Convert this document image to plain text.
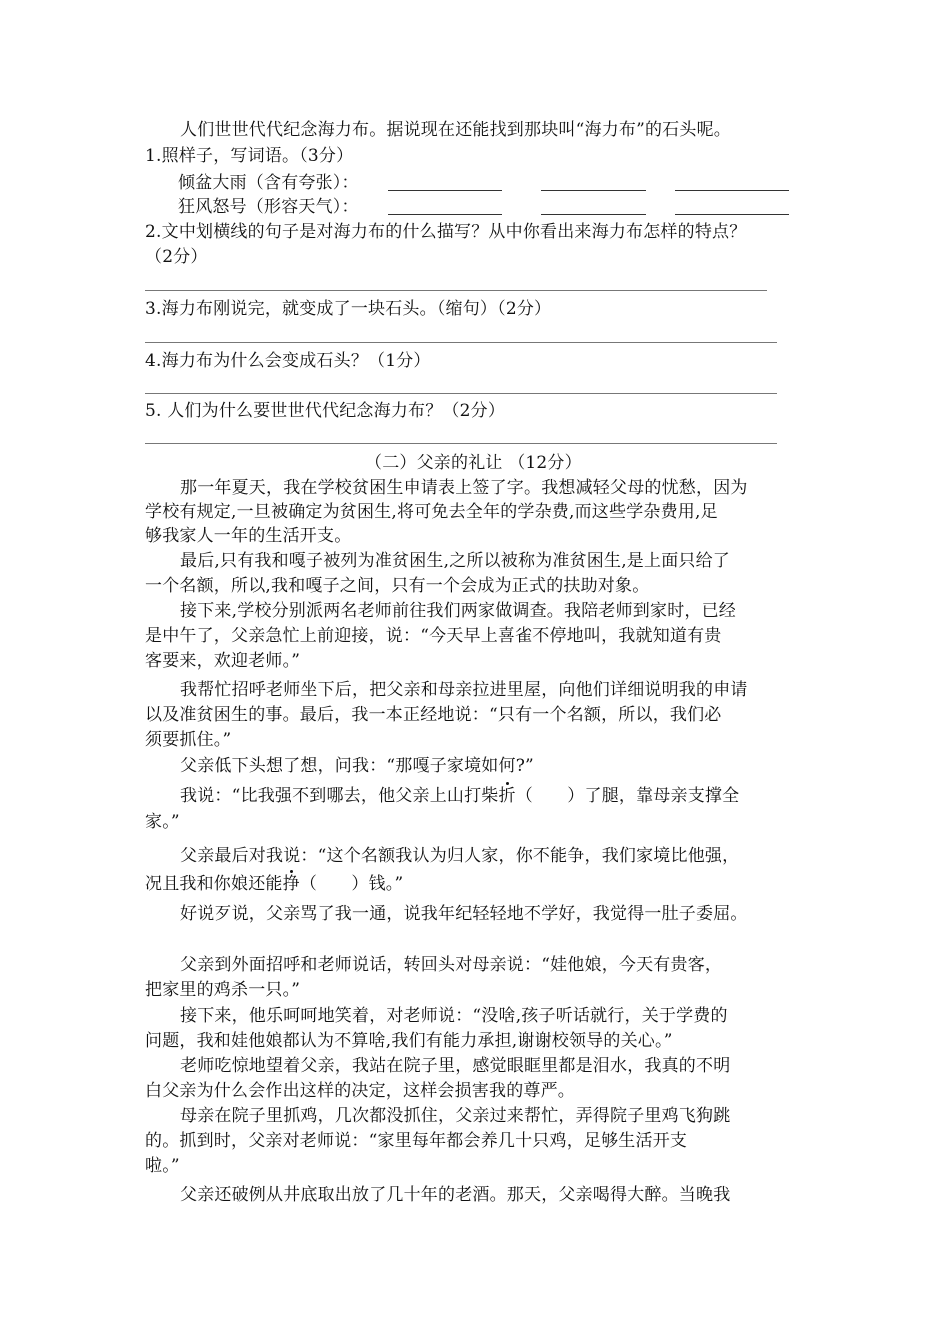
人们世世代代纪念海力布。据说现在还能找到那块叫“海力布”的石头呢。
1.照样子，写词语。（3分）
倾盆大雨（含有夸张）：
狂风怒号（形容天气）：
2.文中划横线的句子是对海力布的什么描写？从中你看出来海力布怎样的特点？
（2分）
3.海力布刚说完，就变成了一块石头。（缩句）（2分）
4.海力布为什么会变成石头？（1分）
5. 人们为什么要世世代代纪念海力布？（2分）
（二）父亲的礼让 （12分）
那一年夏天，我在学校贫困生申请表上签了字。我想减轻父母的忧愁，因为
学校有规定,一旦被确定为贫困生,将可免去全年的学杂费,而这些学杂费用,足
够我家人一年的生活开支。
最后,只有我和嘎子被列为准贫困生,之所以被称为准贫困生,是上面只给了
一个名额，所以,我和嘎子之间，只有一个会成为正式的扶助对象。
接下来,学校分别派两名老师前往我们两家做调查。我陪老师到家时，已经
是中午了，父亲急忙上前迎接，说：“今天早上喜雀不停地叫，我就知道有贵
客要来，欢迎老师。”
我帮忙招呼老师坐下后，把父亲和母亲拉进里屋，向他们详细说明我的申请
以及准贫困生的事。最后，我一本正经地说：“只有一个名额，所以，我们必
须要抓住。”
父亲低下头想了想，问我：“那嘎子家境如何?”
我说：“比我强不到哪去，他父亲上山打柴折（　　）了腿，靠母亲支撑全
家。”
父亲最后对我说：“这个名额我认为归人家，你不能争，我们家境比他强，
况且我和你娘还能挣（　　）钱。”
好说歹说，父亲骂了我一通，说我年纪轻轻地不学好，我觉得一肚子委屈。
父亲到外面招呼和老师说话，转回头对母亲说：“娃他娘，今天有贵客，
把家里的鸡杀一只。”
接下来，他乐呵呵地笑着，对老师说：“没啥,孩子听话就行，关于学费的
问题，我和娃他娘都认为不算啥,我们有能力承担,谢谢校领导的关心。”
老师吃惊地望着父亲，我站在院子里，感觉眼眶里都是泪水，我真的不明
白父亲为什么会作出这样的决定，这样会损害我的尊严。
母亲在院子里抓鸡，几次都没抓住，父亲过来帮忙，弄得院子里鸡飞狗跳
的。抓到时，父亲对老师说：“家里每年都会养几十只鸡，足够生活开支
啦。”
父亲还破例从井底取出放了几十年的老酒。那天，父亲喝得大醉。当晚我
